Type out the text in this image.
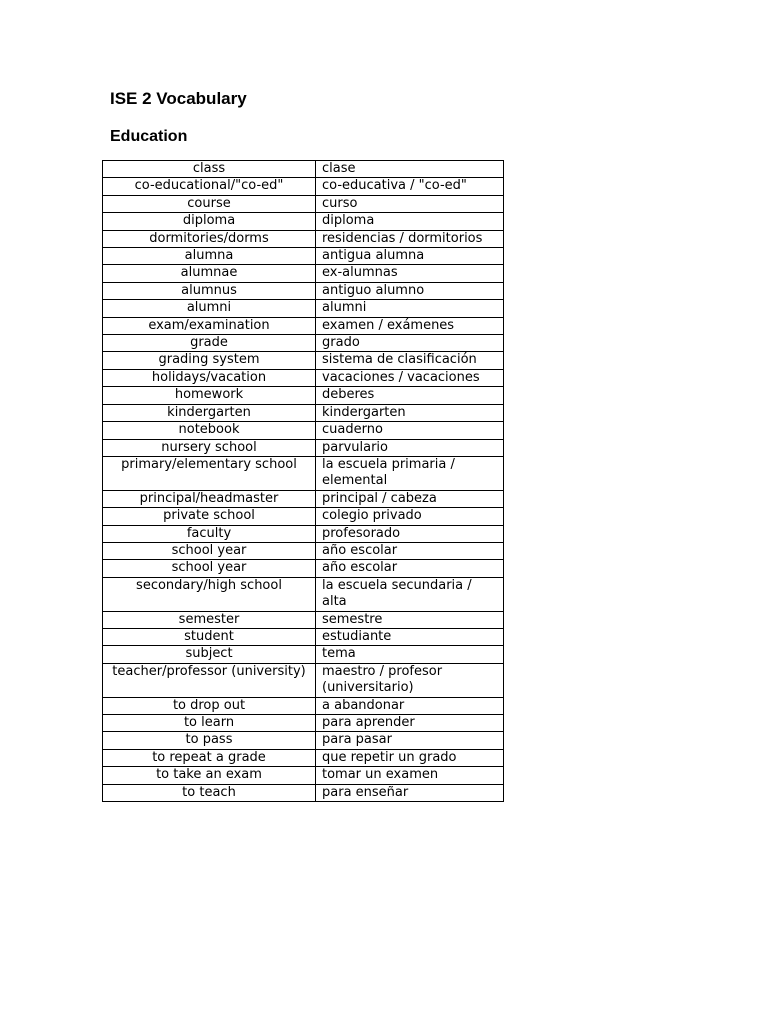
ISE 2 Vocabulary
Education
class	clase
co-educational/"co-ed"	co-educativa / "co-ed"
course	curso
diploma	diploma
dormitories/dorms	residencias / dormitorios
alumna	antigua alumna
alumnae	ex-alumnas
alumnus	antiguo alumno
alumni	alumni
exam/examination	examen / exámenes
grade	grado
grading system	sistema de clasificación
holidays/vacation	vacaciones / vacaciones
homework	deberes
kindergarten	kindergarten
notebook	cuaderno
nursery school	parvulario
primary/elementary school	la escuela primaria / elemental
principal/headmaster	principal / cabeza
private school	colegio privado
faculty	profesorado
school year	año escolar
school year	año escolar
secondary/high school	la escuela secundaria / alta
semester	semestre
student	estudiante
subject	tema
teacher/professor (university)	maestro / profesor (universitario)
to drop out	a abandonar
to learn	para aprender
to pass	para pasar
to repeat a grade	que repetir un grado
to take an exam	tomar un examen
to teach	para enseñar
